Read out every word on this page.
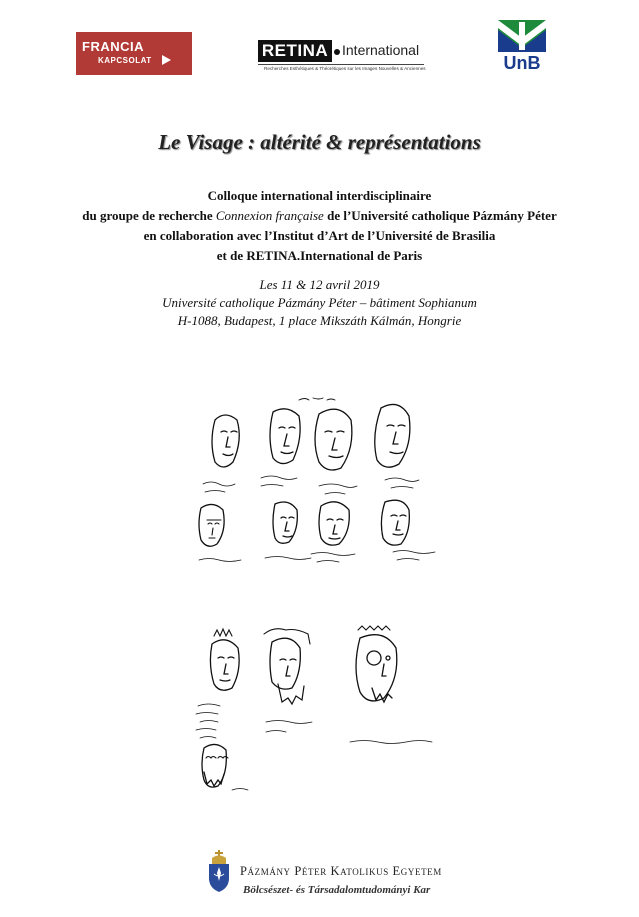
FRANCIA
KAPCSOLAT
RETINA International
Recherches Esthétiques & Théorétiques sur les Images Nouvelles & Anciennes	UnB
Le Visage : altérité & représentations
Colloque international interdisciplinaire
du groupe de recherche Connexion française de l’Université catholique Pázmány Péter
en collaboration avec l’Institut d’Art de l’Université de Brasilia
et de RETINA.International de Paris
Les 11 & 12 avril 2019
Université catholique Pázmány Péter – bâtiment Sophianum
H-1088, Budapest, 1 place Mikszáth Kálmán, Hongrie
Pázmány Péter Katolikus Egyetem
Bölcsészet- és Társadalomtudományi Kar
